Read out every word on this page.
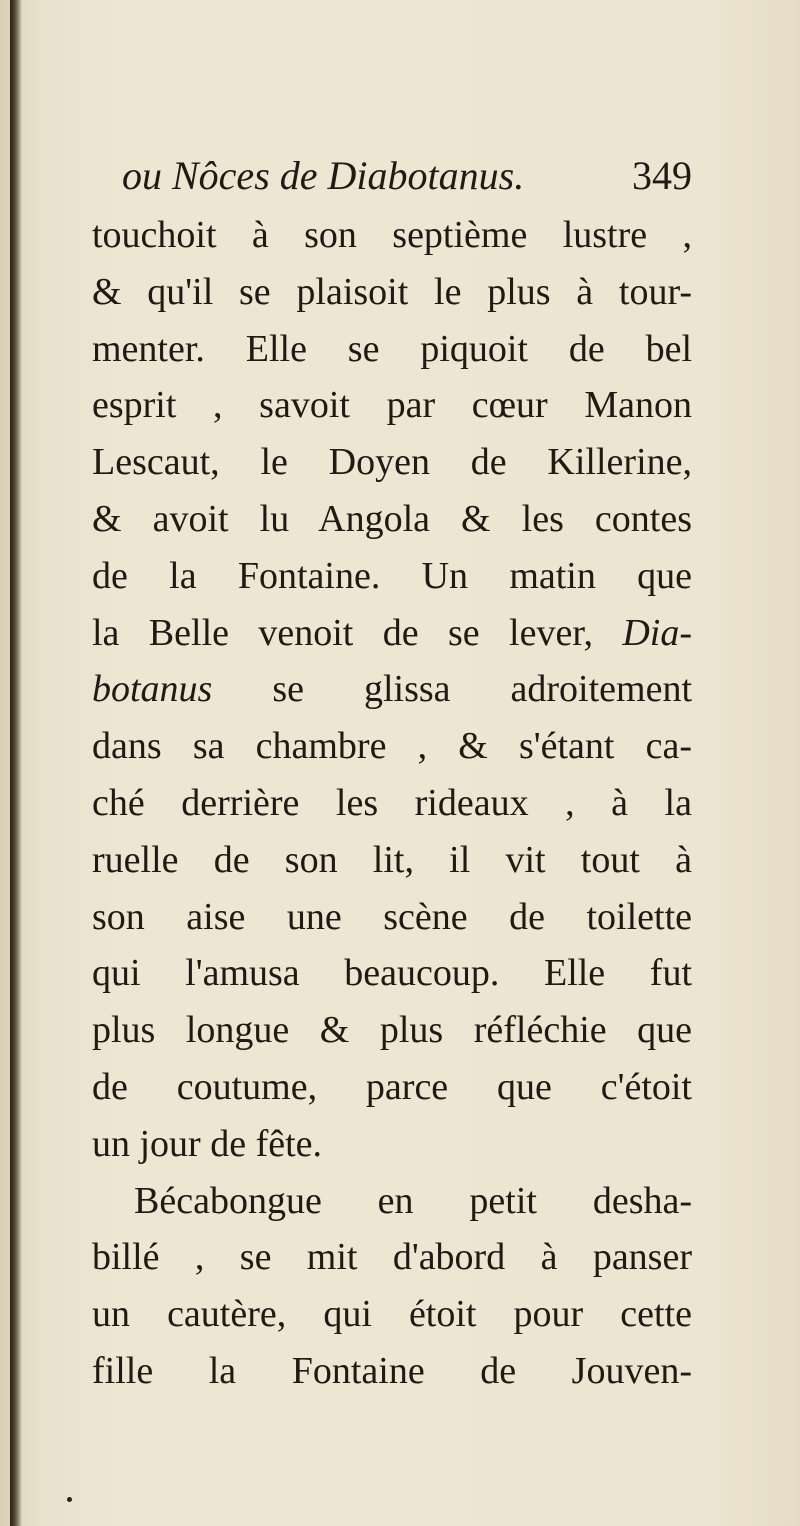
ou Nôces de Diabotanus.	349
touchoit à son septième lustre ,
& qu'il se plaisoit le plus à tour-
menter. Elle se piquoit de bel
esprit , savoit par cœur Manon
Lescaut, le Doyen de Killerine,
& avoit lu Angola & les contes
de la Fontaine. Un matin que
la Belle venoit de se lever, Dia-
botanus se glissa adroitement
dans sa chambre , & s'étant ca-
ché derrière les rideaux , à la
ruelle de son lit, il vit tout à
son aise une scène de toilette
qui l'amusa beaucoup. Elle fut
plus longue & plus réfléchie que
de coutume, parce que c'étoit
un jour de fête.
Bécabongue en petit desha-
billé , se mit d'abord à panser
un cautère, qui étoit pour cette
fille la Fontaine de Jouven-
